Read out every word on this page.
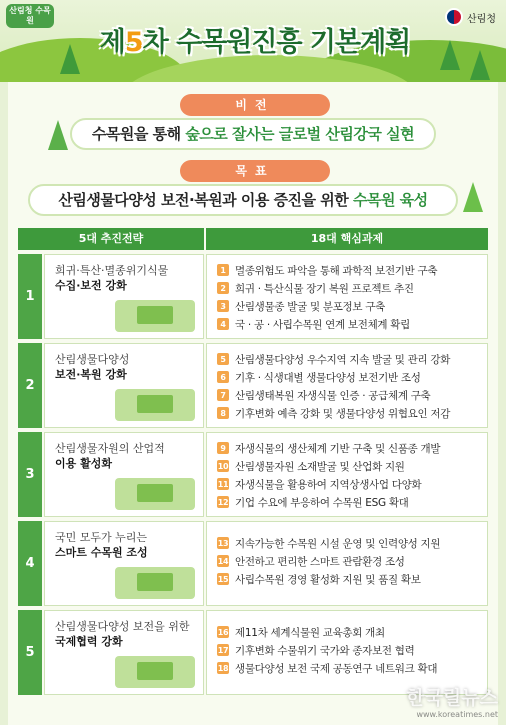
산림청 수목원	산림청
제5차 수목원진흥 기본계획
비전
수목원을 통해 숲으로 잘사는 글로벌 산림강국 실현
목표
산림생물다양성 보전·복원과 이용 증진을 위한 수목원 육성
5대 추진전략	18대 핵심과제
1
희귀·특산·멸종위기식물
수집·보전 강화
1 멸종위험도 파악을 통해 과학적 보전기반 구축
2 희귀 · 특산식물 장기 복원 프로젝트 추진
3 산림생물종 발굴 및 분포정보 구축
4 국 · 공 · 사립수목원 연계 보전체계 확립
2
산림생물다양성
보전·복원 강화
5 산림생물다양성 우수지역 지속 발굴 및 관리 강화
6 기후 · 식생대별 생물다양성 보전기반 조성
7 산림생태복원 자생식물 인증 · 공급체계 구축
8 기후변화 예측 강화 및 생물다양성 위협요인 저감
3
산림생물자원의 산업적
이용 활성화
9 자생식물의 생산체계 기반 구축 및 신품종 개발
10 산림생물자원 소재발굴 및 산업화 지원
11 자생식물을 활용하여 지역상생사업 다양화
12 기업 수요에 부응하여 수목원 ESG 확대
4
국민 모두가 누리는
스마트 수목원 조성
13 지속가능한 수목원 시설 운영 및 인력양성 지원
14 안전하고 편리한 스마트 관람환경 조성
15 사립수목원 경영 활성화 지원 및 품질 확보
5
산림생물다양성 보전을 위한
국제협력 강화
16 제11차 세계식물원 교육총회 개최
17 기후변화 수물위기 국가와 종자보전 협력
18 생물다양성 보전 국제 공동연구 네트워크 확대
한국릴뉴스
www.koreatimes.net
